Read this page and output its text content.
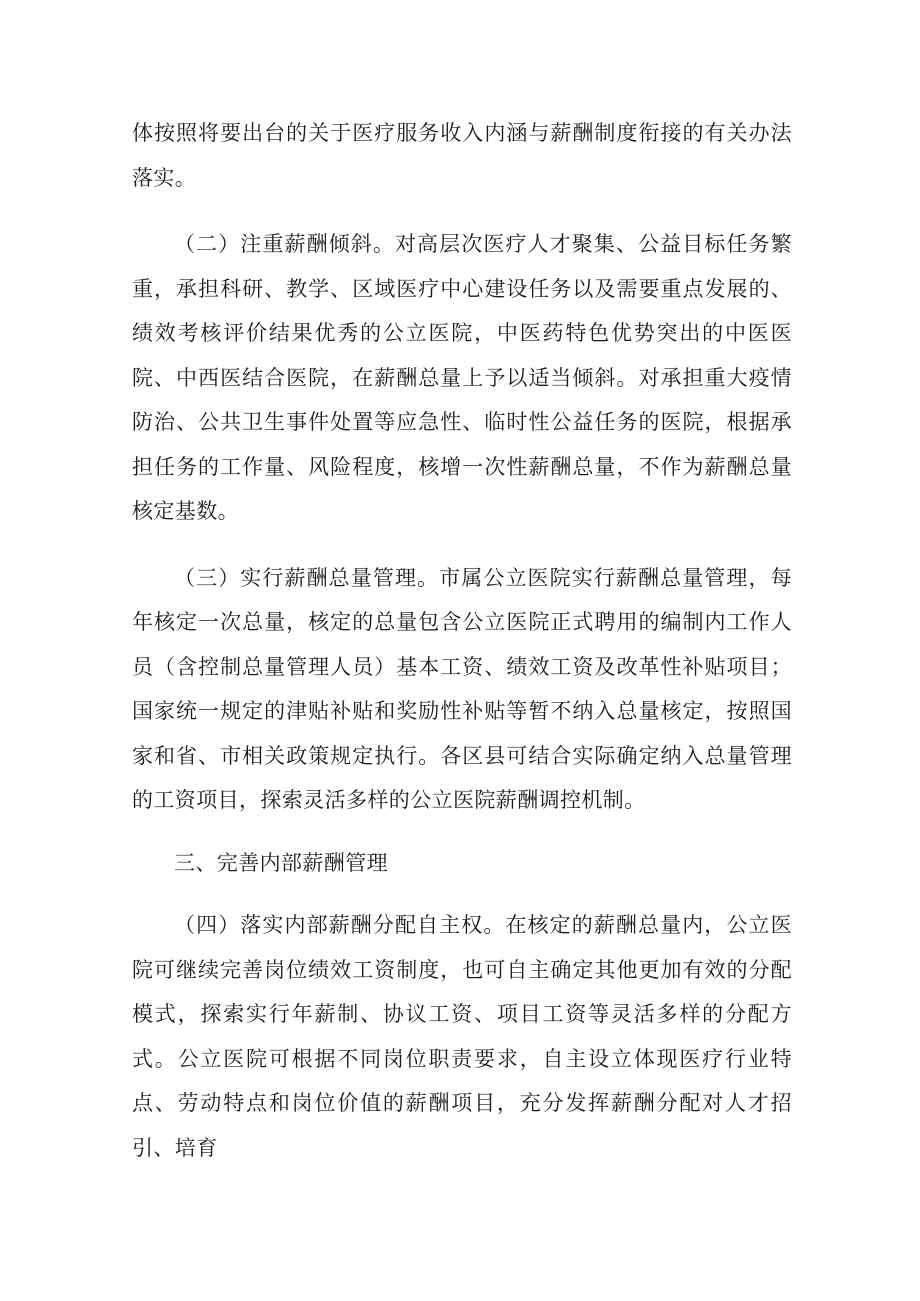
体按照将要出台的关于医疗服务收入内涵与薪酬制度衔接的有关办法落实。

（二）注重薪酬倾斜。对高层次医疗人才聚集、公益目标任务繁重，承担科研、教学、区域医疗中心建设任务以及需要重点发展的、绩效考核评价结果优秀的公立医院，中医药特色优势突出的中医医院、中西医结合医院，在薪酬总量上予以适当倾斜。对承担重大疫情防治、公共卫生事件处置等应急性、临时性公益任务的医院，根据承担任务的工作量、风险程度，核增一次性薪酬总量，不作为薪酬总量核定基数。

（三）实行薪酬总量管理。市属公立医院实行薪酬总量管理，每年核定一次总量，核定的总量包含公立医院正式聘用的编制内工作人员（含控制总量管理人员）基本工资、绩效工资及改革性补贴项目；国家统一规定的津贴补贴和奖励性补贴等暂不纳入总量核定，按照国家和省、市相关政策规定执行。各区县可结合实际确定纳入总量管理的工资项目，探索灵活多样的公立医院薪酬调控机制。

三、完善内部薪酬管理

（四）落实内部薪酬分配自主权。在核定的薪酬总量内，公立医院可继续完善岗位绩效工资制度，也可自主确定其他更加有效的分配模式，探索实行年薪制、协议工资、项目工资等灵活多样的分配方式。公立医院可根据不同岗位职责要求，自主设立体现医疗行业特点、劳动特点和岗位价值的薪酬项目，充分发挥薪酬分配对人才招引、培育
